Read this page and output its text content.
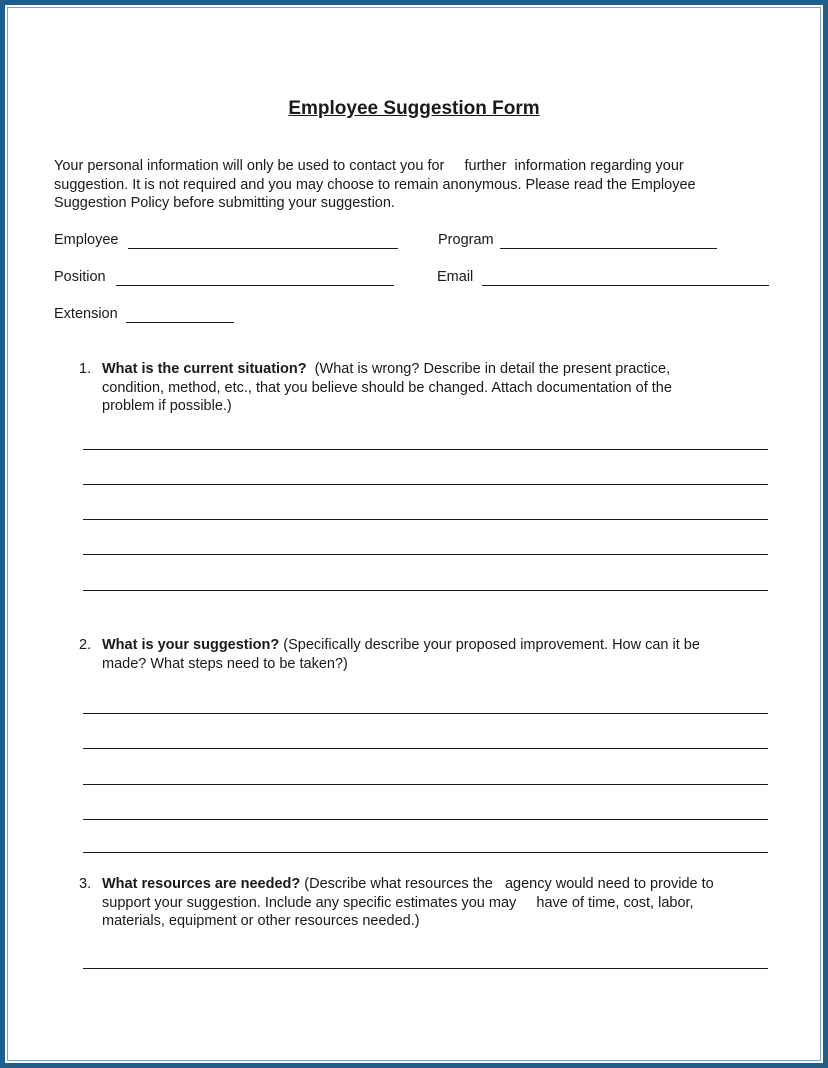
Employee Suggestion Form
Your personal information will only be used to contact you for     further  information regarding your
suggestion. It is not required and you may choose to remain anonymous. Please read the Employee
Suggestion Policy before submitting your suggestion.
Employee	Program
Position	Email
Extension
1. What is the current situation?  (What is wrong? Describe in detail the present practice,
condition, method, etc., that you believe should be changed. Attach documentation of the
problem if possible.)
2. What is your suggestion? (Specifically describe your proposed improvement. How can it be
made? What steps need to be taken?)
3. What resources are needed? (Describe what resources the   agency would need to provide to
support your suggestion. Include any specific estimates you may     have of time, cost, labor,
materials, equipment or other resources needed.)
